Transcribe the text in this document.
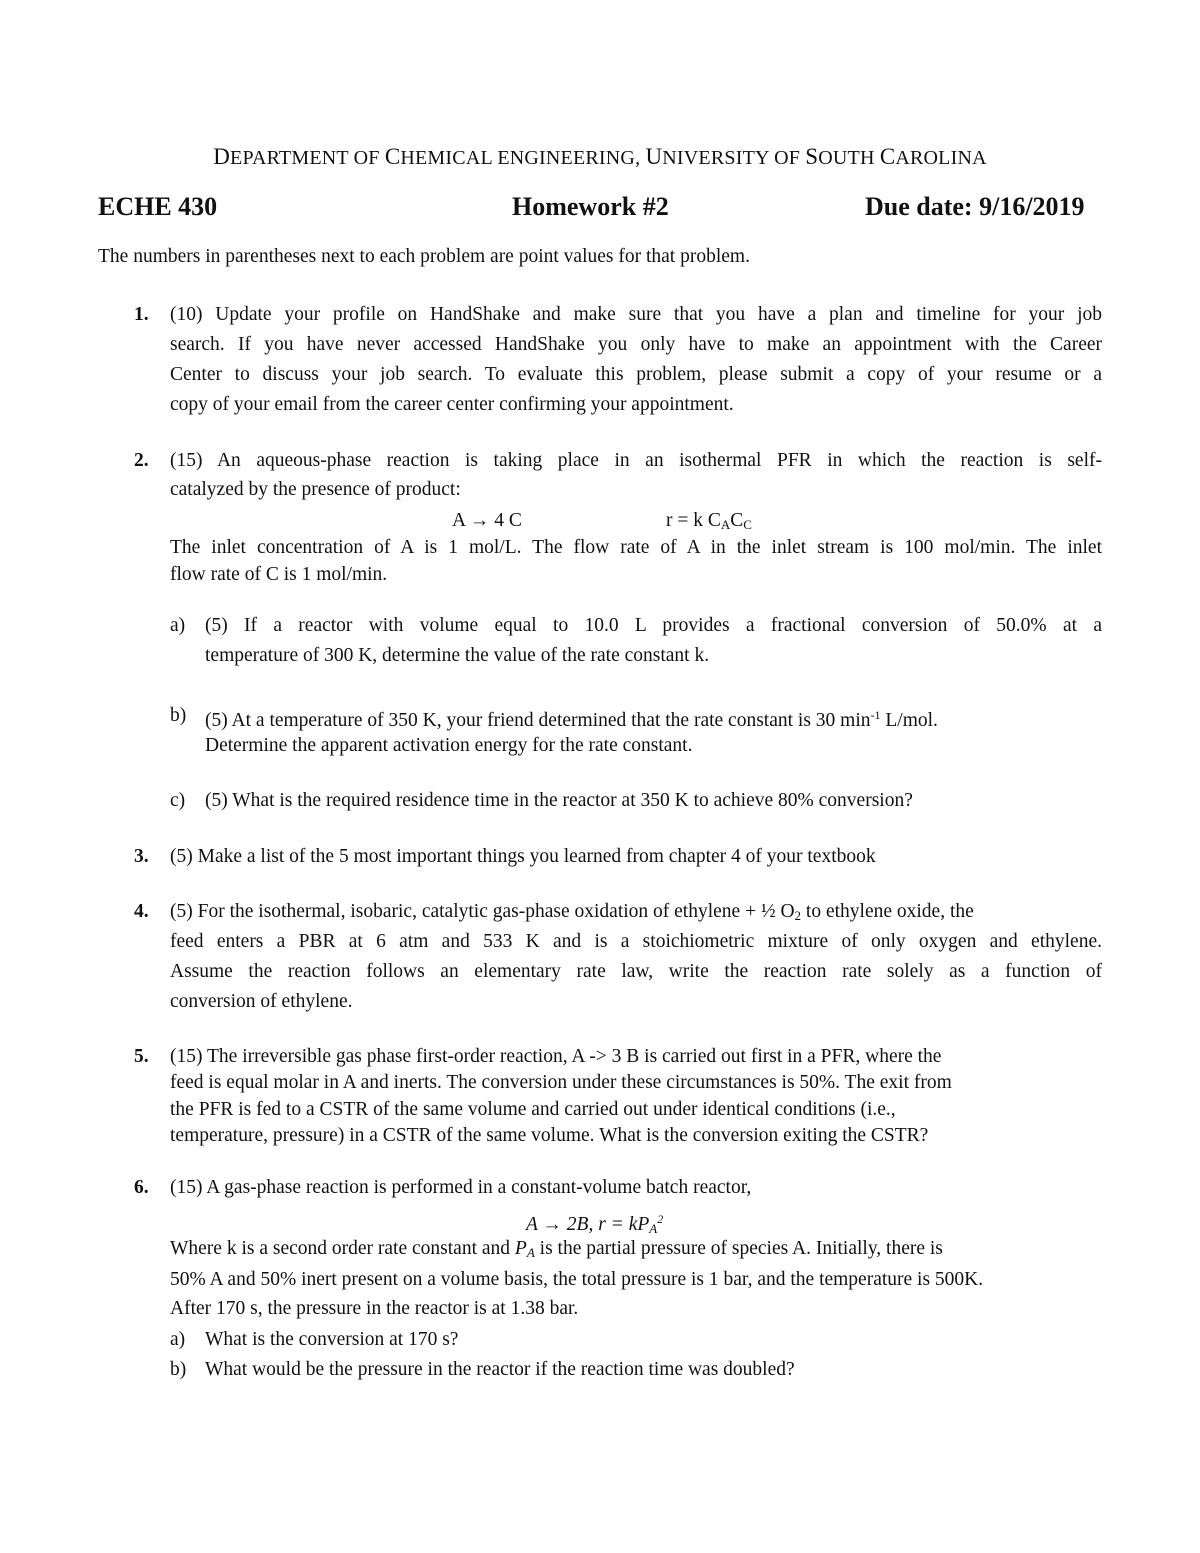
DEPARTMENT OF CHEMICAL ENGINEERING, UNIVERSITY OF SOUTH CAROLINA
ECHE 430	Homework #2	Due date: 9/16/2019
The numbers in parentheses next to each problem are point values for that problem.
1. (10) Update your profile on HandShake and make sure that you have a plan and timeline for your job
search. If you have never accessed HandShake you only have to make an appointment with the Career
Center to discuss your job search. To evaluate this problem, please submit a copy of your resume or a
copy of your email from the career center confirming your appointment.
2. (15) An aqueous-phase reaction is taking place in an isothermal PFR in which the reaction is self-
catalyzed by the presence of product:
A → 4 C	r = k $C_AC_C$
The inlet concentration of A is 1 mol/L. The flow rate of A in the inlet stream is 100 mol/min. The inlet
flow rate of C is 1 mol/min.
a) (5) If a reactor with volume equal to 10.0 L provides a fractional conversion of 50.0% at a
temperature of 300 K, determine the value of the rate constant k.
b) (5) At a temperature of 350 K, your friend determined that the rate constant is 30 $\min^{-1} L/mol$.
Determine the apparent activation energy for the rate constant.
c) (5) What is the required residence time in the reactor at 350 K to achieve 80% conversion?
3. (5) Make a list of the 5 most important things you learned from chapter 4 of your textbook
4. (5) For the isothermal, isobaric, catalytic gas-phase oxidation of ethylene + ½ $O_2$ to ethylene oxide, the
feed enters a PBR at 6 atm and 533 K and is a stoichiometric mixture of only oxygen and ethylene.
Assume the reaction follows an elementary rate law, write the reaction rate solely as a function of
conversion of ethylene.
5. (15) The irreversible gas phase first-order reaction, A -> 3 B is carried out first in a PFR, where the
feed is equal molar in A and inerts. The conversion under these circumstances is 50%. The exit from
the PFR is fed to a CSTR of the same volume and carried out under identical conditions (i.e.,
temperature, pressure) in a CSTR of the same volume. What is the conversion exiting the CSTR?
6. (15) A gas-phase reaction is performed in a constant-volume batch reactor,
A → 2B, $r = kP_A^2$
Where k is a second order rate constant and $P_A$ is the partial pressure of species A. Initially, there is
50% A and 50% inert present on a volume basis, the total pressure is 1 bar, and the temperature is 500K.
After 170 s, the pressure in the reactor is at 1.38 bar.
a) What is the conversion at 170 s?
b) What would be the pressure in the reactor if the reaction time was doubled?
